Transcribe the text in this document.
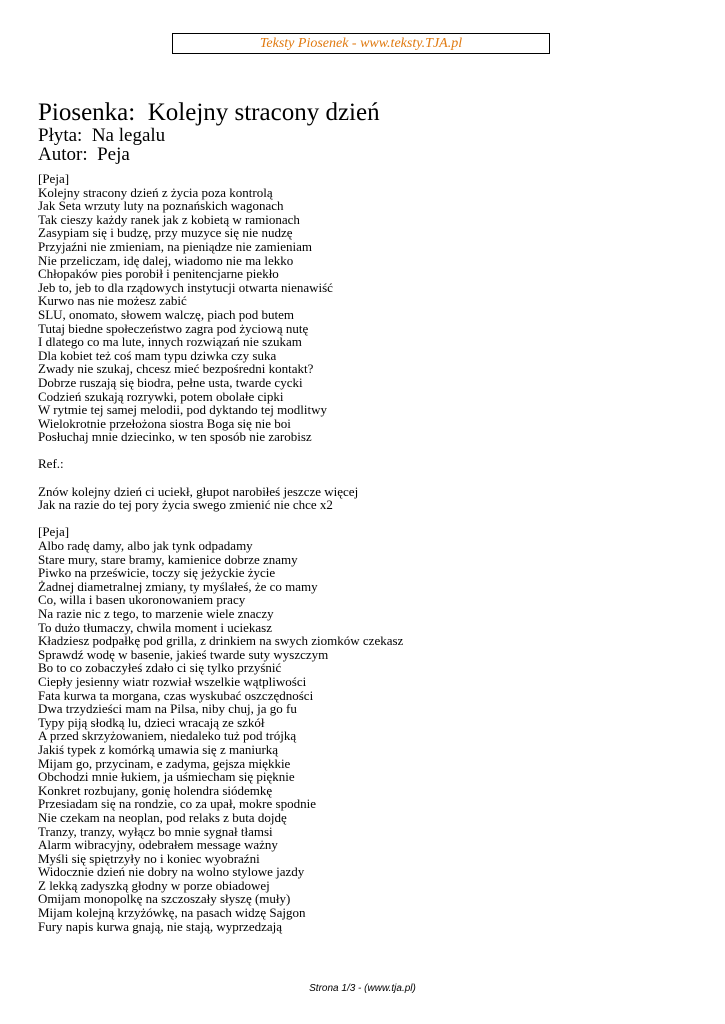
Teksty Piosenek - www.teksty.TJA.pl
Piosenka:  Kolejny stracony dzień
Płyta:  Na legalu
Autor:  Peja
[Peja]
Kolejny stracony dzień z życia poza kontrolą
Jak Seta wrzuty luty na poznańskich wagonach
Tak cieszy każdy ranek jak z kobietą w ramionach
Zasypiam się i budzę, przy muzyce się nie nudzę
Przyjaźni nie zmieniam, na pieniądze nie zamieniam
Nie przeliczam, idę dalej, wiadomo nie ma lekko
Chłopaków pies porobił i penitencjarne piekło
Jeb to, jeb to dla rządowych instytucji otwarta nienawiść
Kurwo nas nie możesz zabić
SLU, onomato, słowem walczę, piach pod butem
Tutaj biedne społeczeństwo zagra pod życiową nutę
I dlatego co ma lute, innych rozwiązań nie szukam
Dla kobiet też coś mam typu dziwka czy suka
Zwady nie szukaj, chcesz mieć bezpośredni kontakt?
Dobrze ruszają się biodra, pełne usta, twarde cycki
Codzień szukają rozrywki, potem obolałe cipki
W rytmie tej samej melodii, pod dyktando tej modlitwy
Wielokrotnie przełożona siostra Boga się nie boi
Posłuchaj mnie dziecinko, w ten sposób nie zarobisz
Ref.:
Znów kolejny dzień ci uciekł, głupot narobiłeś jeszcze więcej
Jak na razie do tej pory życia swego zmienić nie chce x2
[Peja]
Albo radę damy, albo jak tynk odpadamy
Stare mury, stare bramy, kamienice dobrze znamy
Piwko na prześwicie, toczy się jeżyckie życie
Żadnej diametralnej zmiany, ty myślałeś, że co mamy
Co, willa i basen ukoronowaniem pracy
Na razie nic z tego, to marzenie wiele znaczy
To dużo tłumaczy, chwila moment i uciekasz
Kładziesz podpałkę pod grilla, z drinkiem na swych ziomków czekasz
Sprawdź wodę w basenie, jakieś twarde suty wyszczym
Bo to co zobaczyłeś zdało ci się tylko przyśnić
Ciepły jesienny wiatr rozwiał wszelkie wątpliwości
Fata kurwa ta morgana, czas wyskubać oszczędności
Dwa trzydzieści mam na Pilsa, niby chuj, ja go fu
Typy piją słodką lu, dzieci wracają ze szkół
A przed skrzyżowaniem, niedaleko tuż pod trójką
Jakiś typek z komórką umawia się z maniurką
Mijam go, przycinam, e zadyma, gejsza miękkie
Obchodzi mnie łukiem, ja uśmiecham się pięknie
Konkret rozbujany, gonię holendra siódemkę
Przesiadam się na rondzie, co za upał, mokre spodnie
Nie czekam na neoplan, pod relaks z buta dojdę
Tranzy, tranzy, wyłącz bo mnie sygnał tłamsi
Alarm wibracyjny, odebrałem message ważny
Myśli się spiętrzyły no i koniec wyobraźni
Widocznie dzień nie dobry na wolno stylowe jazdy
Z lekką zadyszką głodny w porze obiadowej
Omijam monopolkę na szczoszały słyszę (muły)
Mijam kolejną krzyżówkę, na pasach widzę Sajgon
Fury napis kurwa gnają, nie stają, wyprzedzają
Strona 1/3 - (www.tja.pl)
